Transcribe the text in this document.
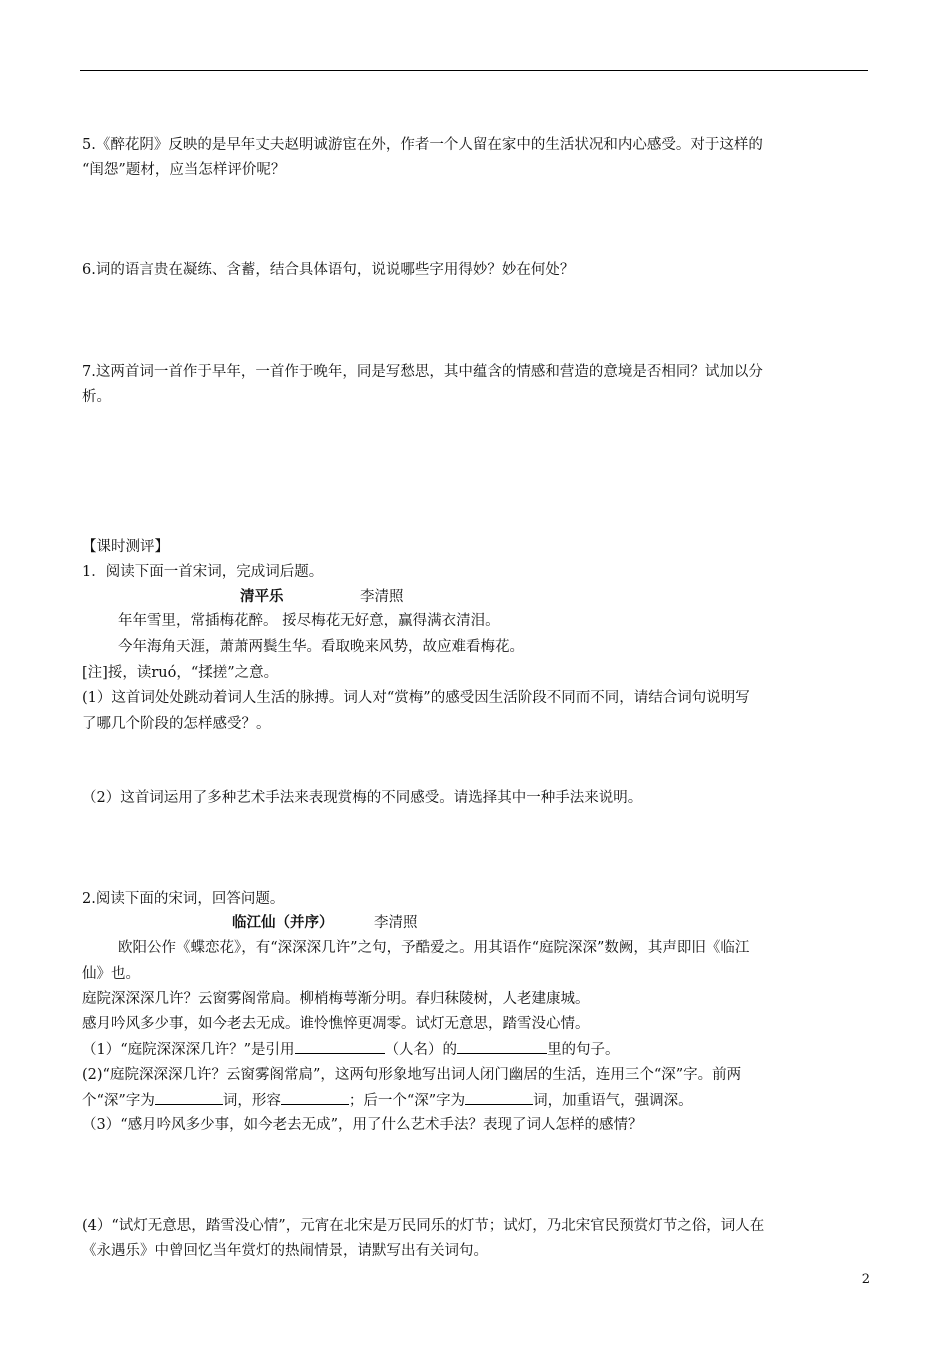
5.《醉花阴》反映的是早年丈夫赵明诚游宦在外，作者一个人留在家中的生活状况和内心感受。对于这样的
“闺怨”题材，应当怎样评价呢？
6.词的语言贵在凝练、含蓄，结合具体语句，说说哪些字用得妙？妙在何处？
7.这两首词一首作于早年，一首作于晚年，同是写愁思，其中蕴含的情感和营造的意境是否相同？试加以分
析。
【课时测评】
1．阅读下面一首宋词，完成词后题。
清平乐	李清照
年年雪里，常插梅花醉。 挼尽梅花无好意，赢得满衣清泪。
今年海角天涯，萧萧两鬓生华。看取晚来风势，故应难看梅花。
[注]挼，读ruó，“揉搓”之意。
(1）这首词处处跳动着词人生活的脉搏。词人对“赏梅”的感受因生活阶段不同而不同，请结合词句说明写
了哪几个阶段的怎样感受？。
（2）这首词运用了多种艺术手法来表现赏梅的不同感受。请选择其中一种手法来说明。
2.阅读下面的宋词，回答问题。
临江仙（并序）	李清照
欧阳公作《蝶恋花》，有“深深深几许”之句，予酷爱之。用其语作“庭院深深”数阙，其声即旧《临江
仙》也。
庭院深深深几许？云窗雾阁常扃。柳梢梅萼渐分明。春归秣陵树，人老建康城。
感月吟风多少事，如今老去无成。谁怜憔悴更凋零。试灯无意思，踏雪没心情。
（1）“庭院深深深几许？”是引用	（人名）的	里的句子。
(2)“庭院深深深几许？云窗雾阁常扃”，这两句形象地写出词人闭门幽居的生活，连用三个“深”字。前两
个“深”字为	词，形容	；后一个“深”字为	词，加重语气，强调深。
（3）“感月吟风多少事，如今老去无成”，用了什么艺术手法？表现了词人怎样的感情？
(4）“试灯无意思，踏雪没心情”，元宵在北宋是万民同乐的灯节；试灯，乃北宋官民预赏灯节之俗，词人在
《永遇乐》中曾回忆当年赏灯的热闹情景，请默写出有关词句。
2
